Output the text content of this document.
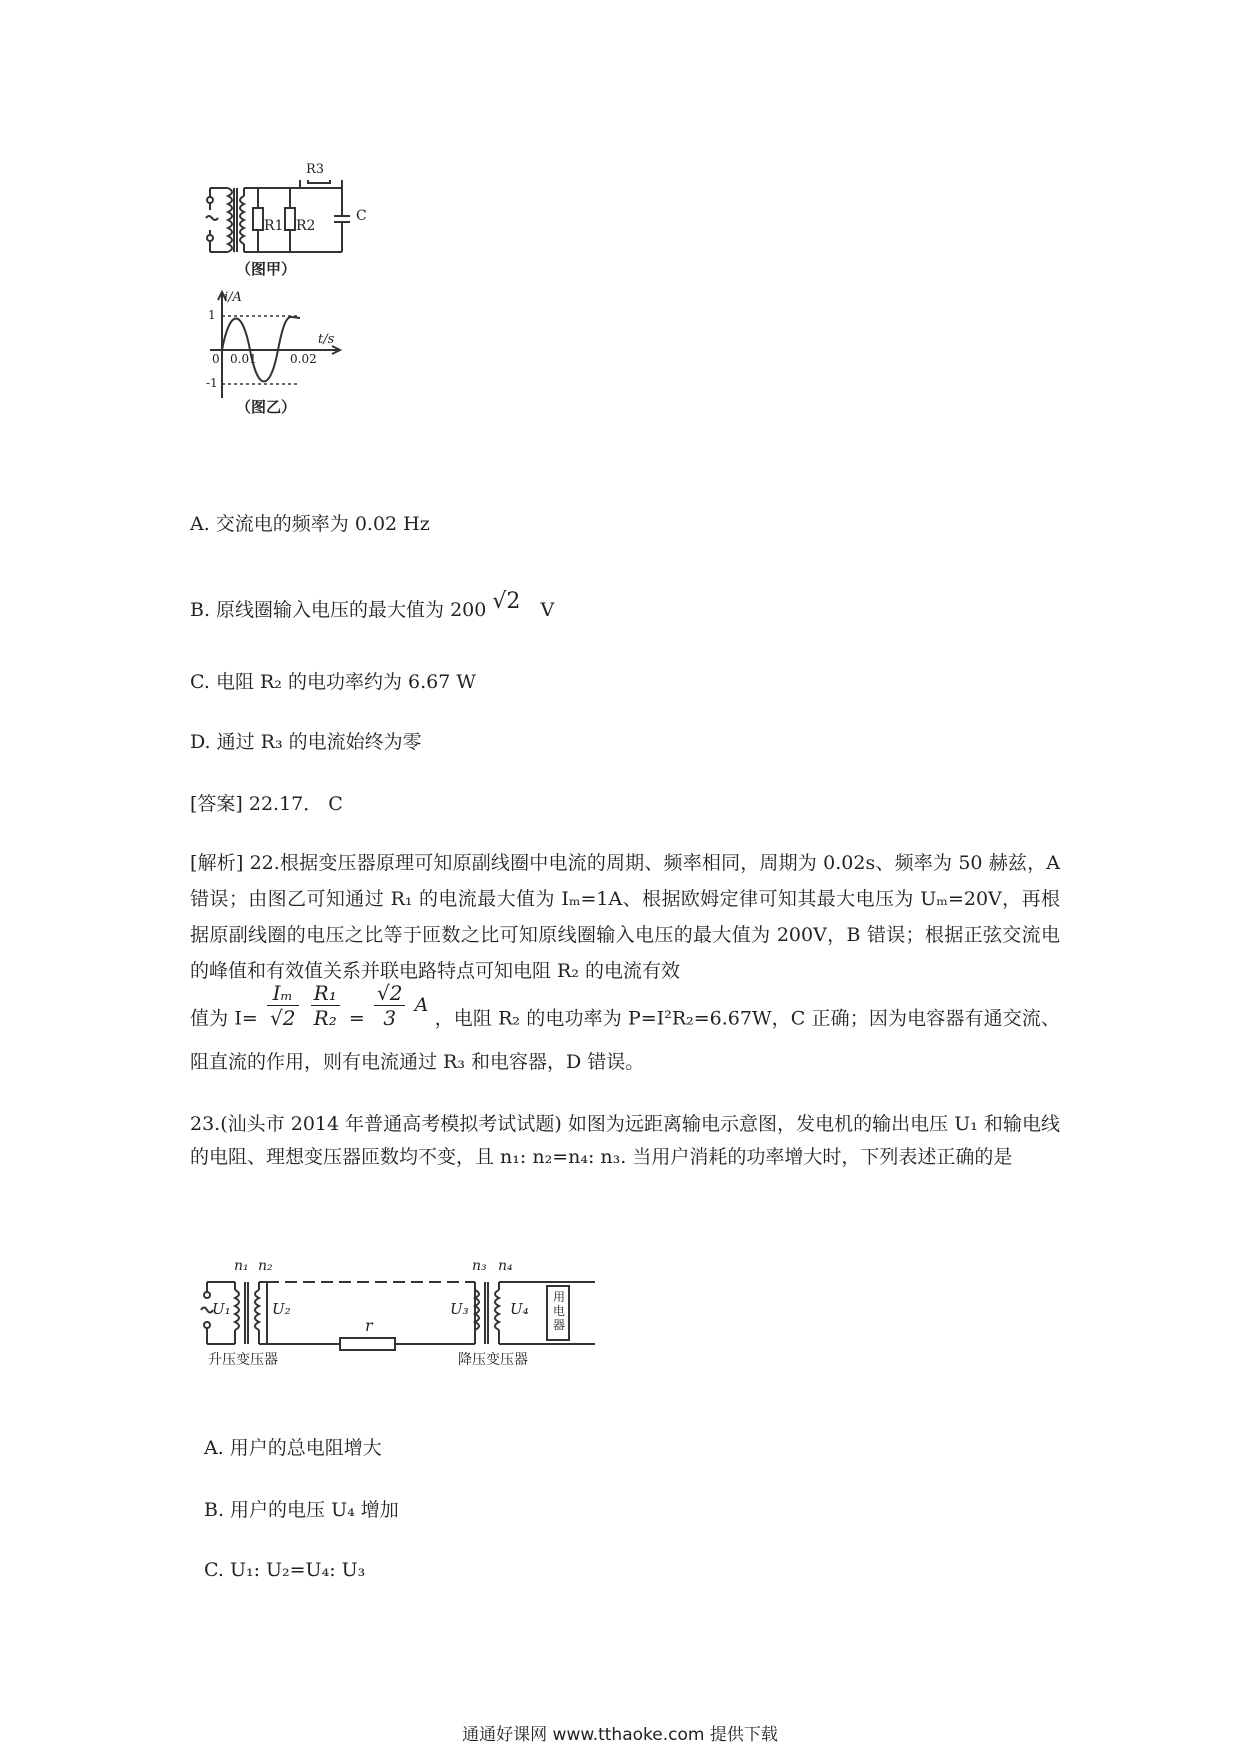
R3
R1 R2
C
（图甲）
i/A
t/s
1
0 0.01	0.02
-1
（图乙）
A. 交流电的频率为 0.02 Hz
B. 原线圈输入电压的最大值为 200 √2 V
C. 电阻 R₂ 的电功率约为 6.67 W
D. 通过 R₃ 的电流始终为零
[答案] 22.17． C

[解析] 22.根据变压器原理可知原副线圈中电流的周期、频率相同，周期为 0.02s、频率为 50 赫兹，A 错误；由图乙可知通过 R₁ 的电流最大值为 Iₘ=1A、根据欧姆定律可知其最大电压为 Uₘ=20V，再根据原副线圈的电压之比等于匝数之比可知原线圈输入电压的最大值为 200V，B 错误；根据正弦交流电的峰值和有效值关系并联电路特点可知电阻 R₂ 的电流有效

值为 $I= \frac{\text{Iₘ}}{√2}$
$\frac{\text{R₁}}{\text{R₂}} = \frac{√2}{3}$ A ，电阻 R₂ 的电功率为 P=I²R₂=6.67W，C 正确；因为电容器有通交流、阻直流的作用，则有电流通过 R₃ 和电容器，D 错误。
23.(汕头市 2014 年普通高考模拟考试试题) 如图为远距离输电示意图，发电机的输出电压 U₁ 和输电线的电阻、理想变压器匝数均不变，且 n₁: n₂=n₄: n₃. 当用户消耗的功率增大时，下列表述正确的是
n₁ n₂	n₃ n₄
U₁	U₂	U₃	U₄
r
用电器
升压变压器	降压变压器
A. 用户的总电阻增大
B. 用户的电压 U₄ 增加
C. U₁: U₂=U₄: U₃
通通好课网 www.tthaoke.com 提供下载
